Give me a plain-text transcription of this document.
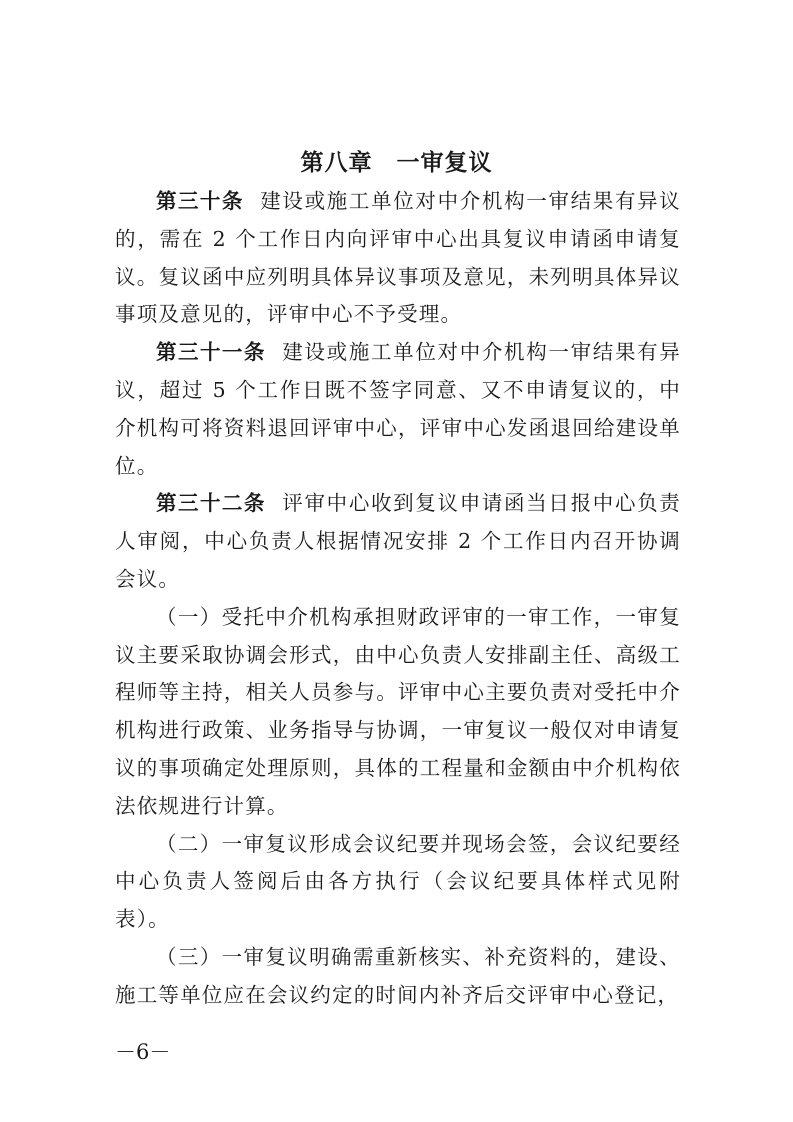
第八章　一审复议

第三十条 建设或施工单位对中介机构一审结果有异议的，需在 2 个工作日内向评审中心出具复议申请函申请复议。复议函中应列明具体异议事项及意见，未列明具体异议事项及意见的，评审中心不予受理。

第三十一条 建设或施工单位对中介机构一审结果有异议，超过 5 个工作日既不签字同意、又不申请复议的，中介机构可将资料退回评审中心，评审中心发函退回给建设单位。

第三十二条 评审中心收到复议申请函当日报中心负责人审阅，中心负责人根据情况安排 2 个工作日内召开协调会议。

（一）受托中介机构承担财政评审的一审工作，一审复议主要采取协调会形式，由中心负责人安排副主任、高级工程师等主持，相关人员参与。评审中心主要负责对受托中介机构进行政策、业务指导与协调，一审复议一般仅对申请复议的事项确定处理原则，具体的工程量和金额由中介机构依法依规进行计算。

（二）一审复议形成会议纪要并现场会签，会议纪要经中心负责人签阅后由各方执行（会议纪要具体样式见附表）。

（三）一审复议明确需重新核实、补充资料的，建设、施工等单位应在会议约定的时间内补齐后交评审中心登记，

－6－
